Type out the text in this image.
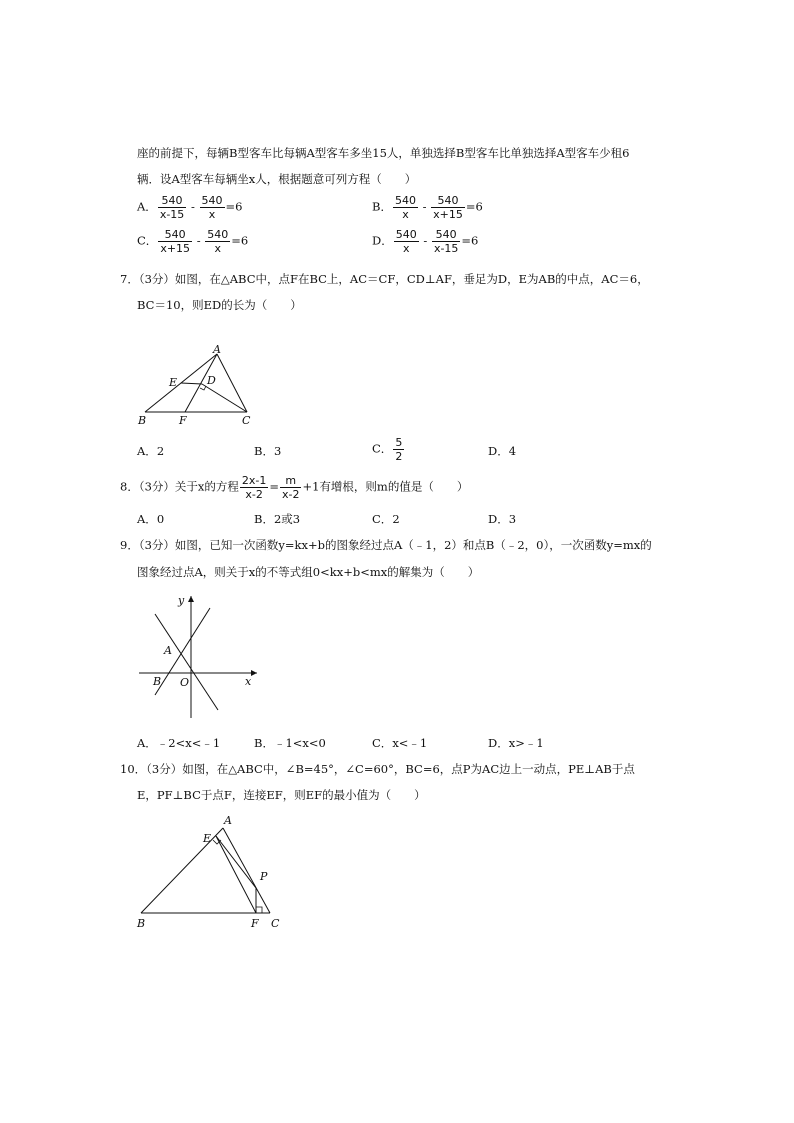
座的前提下，每辆B型客车比每辆A型客车多坐15人，单独选择B型客车比单独选择A型客车少租6
辆．设A型客车每辆坐x人，根据题意可列方程（　　）
A． $\frac{540}{x-15} - \frac{540}{x} =6$	B． $\frac{540}{x} - \frac{540}{x+15} =6$
C． $\frac{540}{x+15} - \frac{540}{x} =6$	D． $\frac{540}{x} - \frac{540}{x-15} =6$
7．（3分）如图，在△ABC中，点F在BC上，AC＝CF，CD⊥AF，垂足为D，E为AB的中点，AC＝6，
BC＝10，则ED的长为（　　）
A
B	C
D
E
F
A．2	B．3	C． $\frac{5}{2}$	D．4
8．（3分）关于x的方程 $\frac{2x-1}{x-2} = \frac{m}{x-2} +1$有增根，则m的值是（　　）
A．0	B．2或3	C．2	D．3
9．（3分）如图，已知一次函数y=kx+b的图象经过点A（﹣1，2）和点B（﹣2，0），一次函数y=mx的
图象经过点A，则关于x的不等式组0<kx+b<mx的解集为（　　）
y
x
A
B O
A．﹣2<x<﹣1	B．﹣1<x<0	C．x<﹣1	D．x>﹣1
10．（3分）如图，在△ABC中，∠B=45°，∠C=60°，BC=6，点P为AC边上一动点，PE⊥AB于点
E，PF⊥BC于点F，连接EF，则EF的最小值为（　　）
A
B	C
E
F
P
